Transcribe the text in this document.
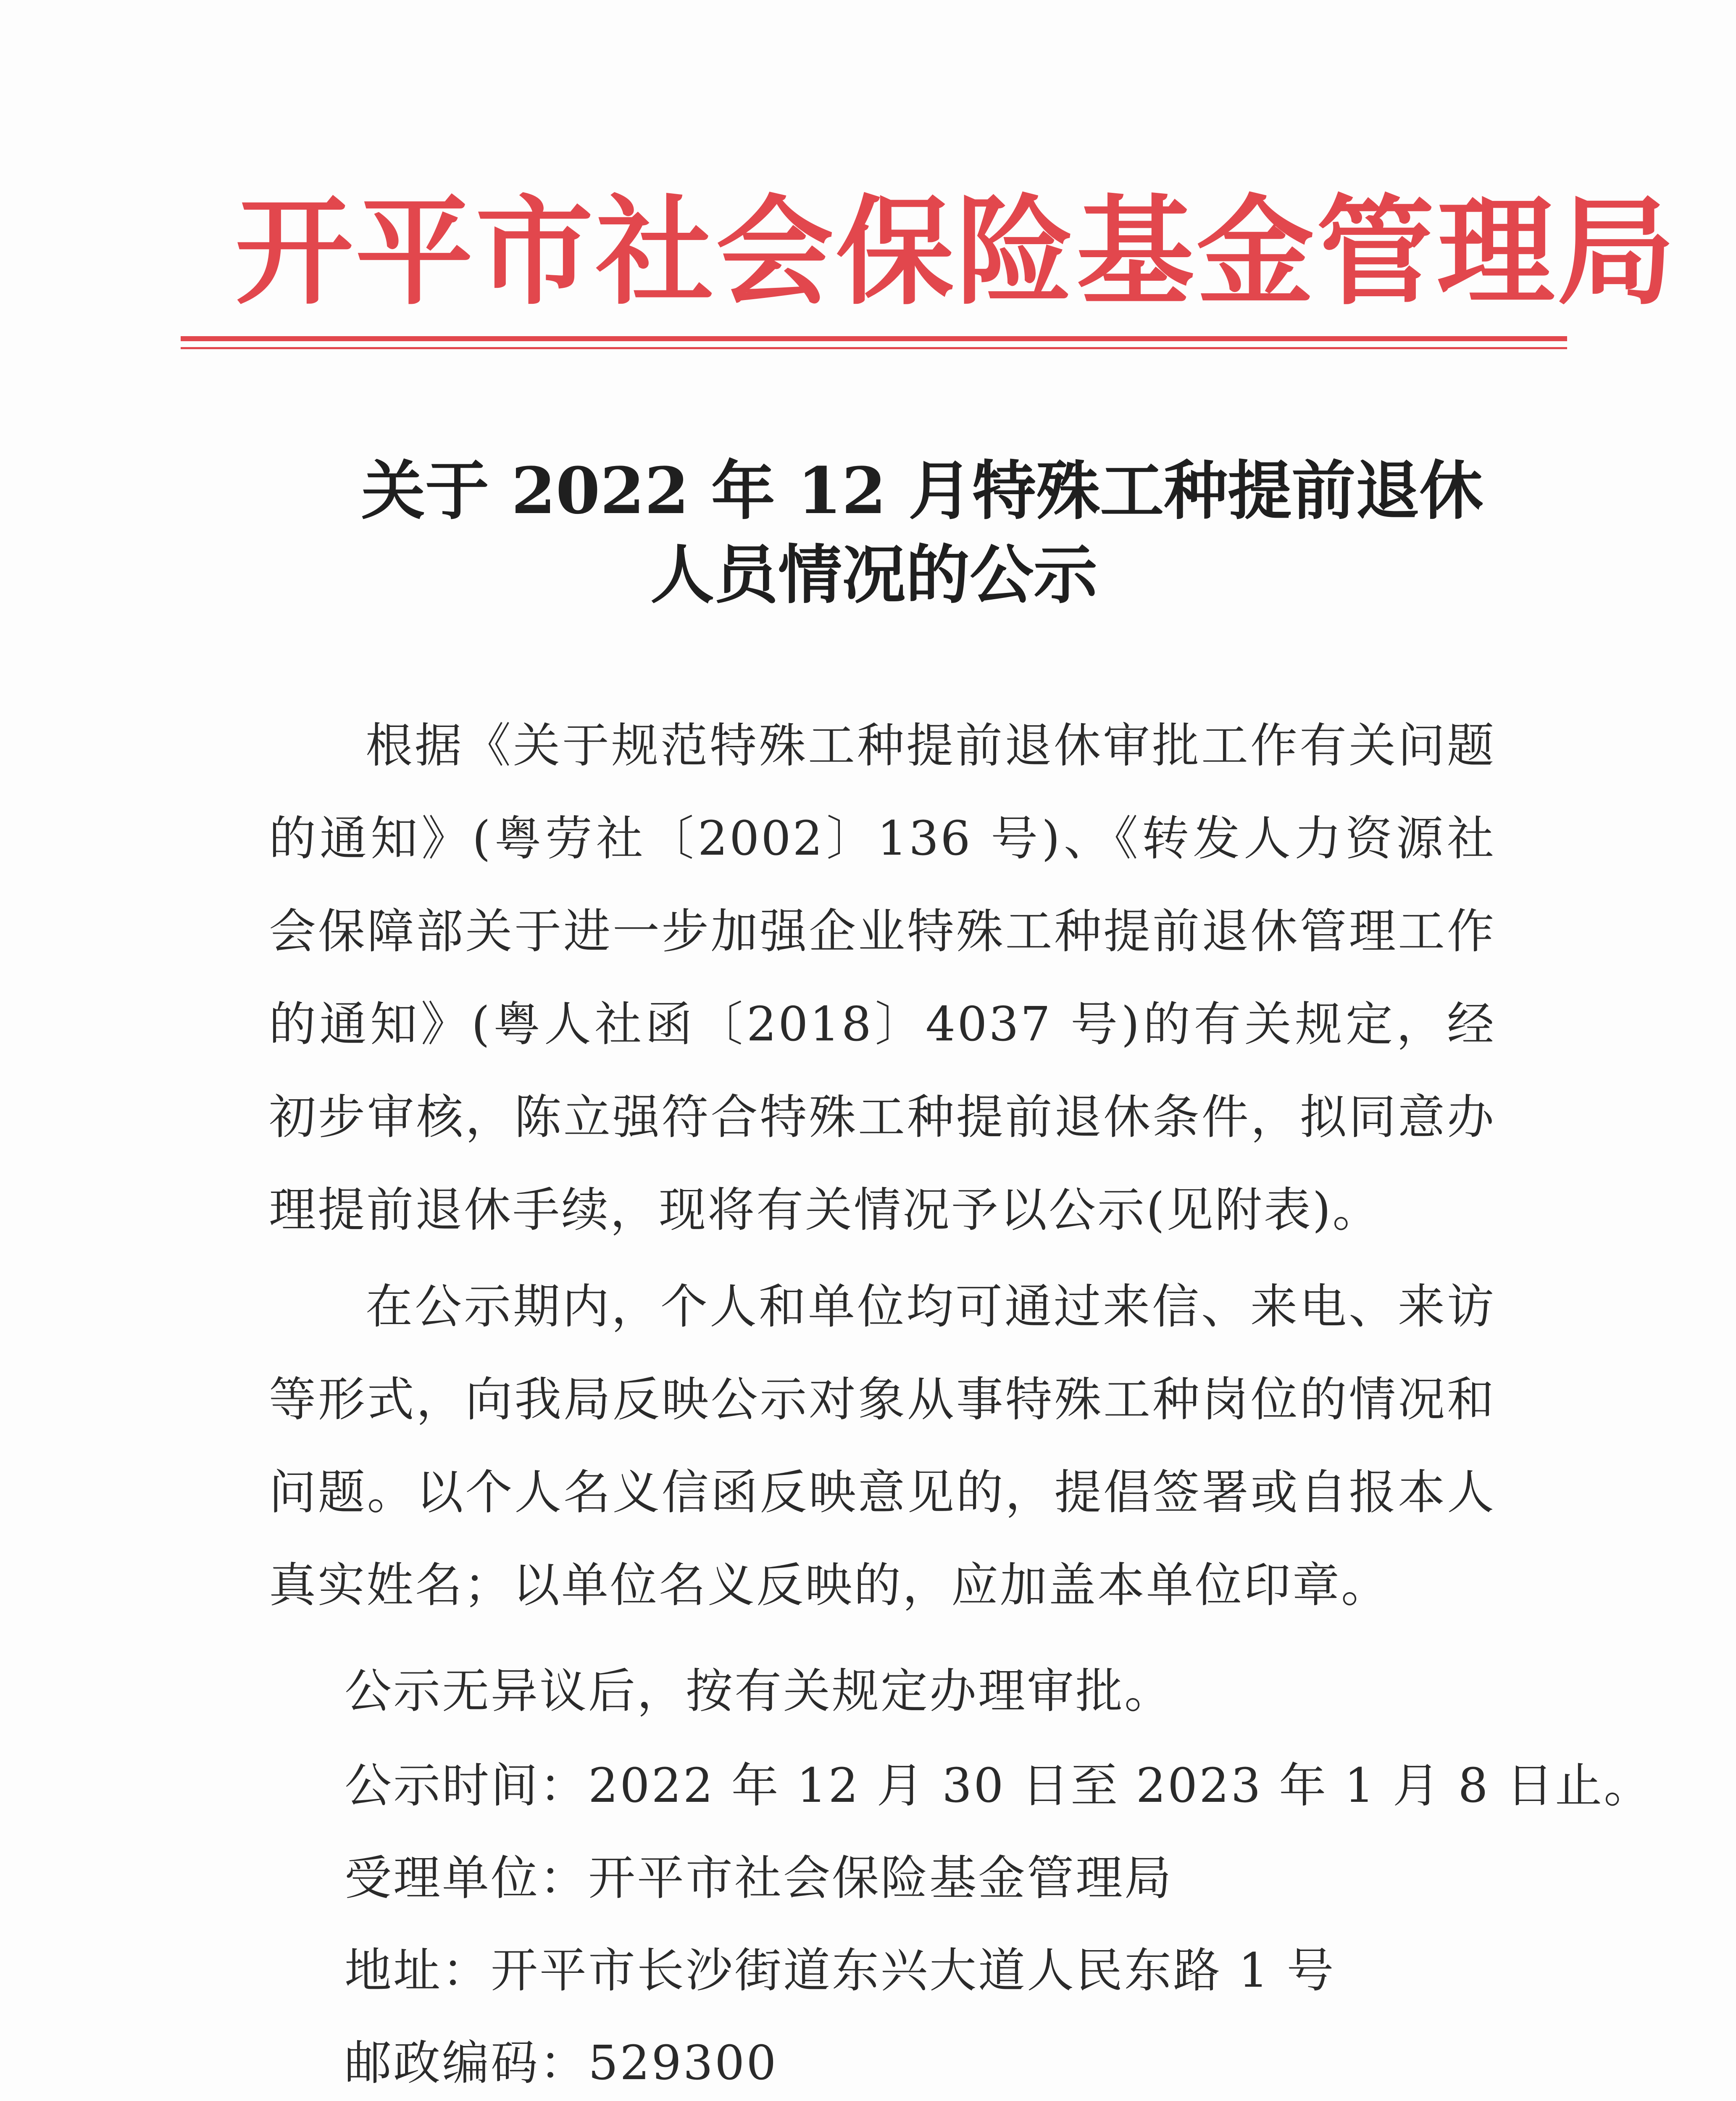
开平市社会保险基金管理局
关于 2022 年 12 月特殊工种提前退休
人员情况的公示
根据《关于规范特殊工种提前退休审批工作有关问题的通知》(粤劳社〔2002〕136 号)、《转发人力资源社会保障部关于进一步加强企业特殊工种提前退休管理工作的通知》(粤人社函〔2018〕4037 号)的有关规定，经初步审核，陈立强符合特殊工种提前退休条件，拟同意办理提前退休手续，现将有关情况予以公示(见附表)。
在公示期内，个人和单位均可通过来信、来电、来访等形式，向我局反映公示对象从事特殊工种岗位的情况和问题。以个人名义信函反映意见的，提倡签署或自报本人真实姓名；以单位名义反映的，应加盖本单位印章。
公示无异议后，按有关规定办理审批。
公示时间：2022 年 12 月 30 日至 2023 年 1 月 8 日止。
受理单位：开平市社会保险基金管理局
地址：开平市长沙街道东兴大道人民东路 1 号
邮政编码：529300
